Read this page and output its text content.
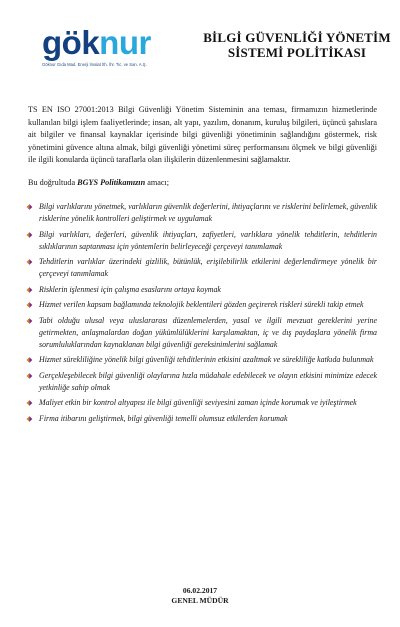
göknur
Göknur Gıda Mad. Enerji İmalat İth. İhr. Tic. ve San. A.Ş.
BİLGİ GÜVENLİĞİ YÖNETİM
SİSTEMİ POLİTİKASI

TS EN ISO 27001:2013 Bilgi Güvenliği Yönetim Sisteminin ana teması, firmamızın hizmetlerinde kullanılan bilgi işlem faaliyetlerinde; insan, alt yapı, yazılım, donanım, kuruluş bilgileri, üçüncü şahıslara ait bilgiler ve finansal kaynaklar içerisinde bilgi güvenliği yönetiminin sağlandığını göstermek, risk yönetimini güvence altına almak, bilgi güvenliği yönetimi süreç performansını ölçmek ve bilgi güvenliği ile ilgili konularda üçüncü taraflarla olan ilişkilerin düzenlenmesini sağlamaktır.

Bu doğrultuda BGYS Politikamızın amacı;

Bilgi varlıklarını yönetmek, varlıkların güvenlik değerlerini, ihtiyaçlarını ve risklerini belirlemek, güvenlik risklerine yönelik kontrolleri geliştirmek ve uygulamak
Bilgi varlıkları, değerleri, güvenlik ihtiyaçları, zafiyetleri, varlıklara yönelik tehditlerin, tehditlerin sıklıklarının saptanması için yöntemlerin belirleyeceği çerçeveyi tanımlamak
Tehditlerin varlıklar üzerindeki gizlilik, bütünlük, erişilebilirlik etkilerini değerlendirmeye yönelik bir çerçeveyi tanımlamak
Risklerin işlenmesi için çalışma esaslarını ortaya koymak
Hizmet verilen kapsam bağlamında teknolojik beklentileri gözden geçirerek riskleri sürekli takip etmek
Tabi olduğu ulusal veya uluslararası düzenlemelerden, yasal ve ilgili mevzuat gereklerini yerine getirmekten, anlaşmalardan doğan yükümlülüklerini karşılamaktan, iç ve dış paydaşlara yönelik firma sorumluluklarından kaynaklanan bilgi güvenliği gereksinimlerini sağlamak
Hizmet sürekliliğine yönelik bilgi güvenliği tehditlerinin etkisini azaltmak ve sürekliliğe katkıda bulunmak
Gerçekleşebilecek bilgi güvenliği olaylarına hızla müdahale edebilecek ve olayın etkisini minimize edecek yetkinliğe sahip olmak
Maliyet etkin bir kontrol altyapısı ile bilgi güvenliği seviyesini zaman içinde korumak ve iyileştirmek
Firma itibarını geliştirmek, bilgi güvenliği temelli olumsuz etkilerden korumak
06.02.2017
GENEL MÜDÜR
